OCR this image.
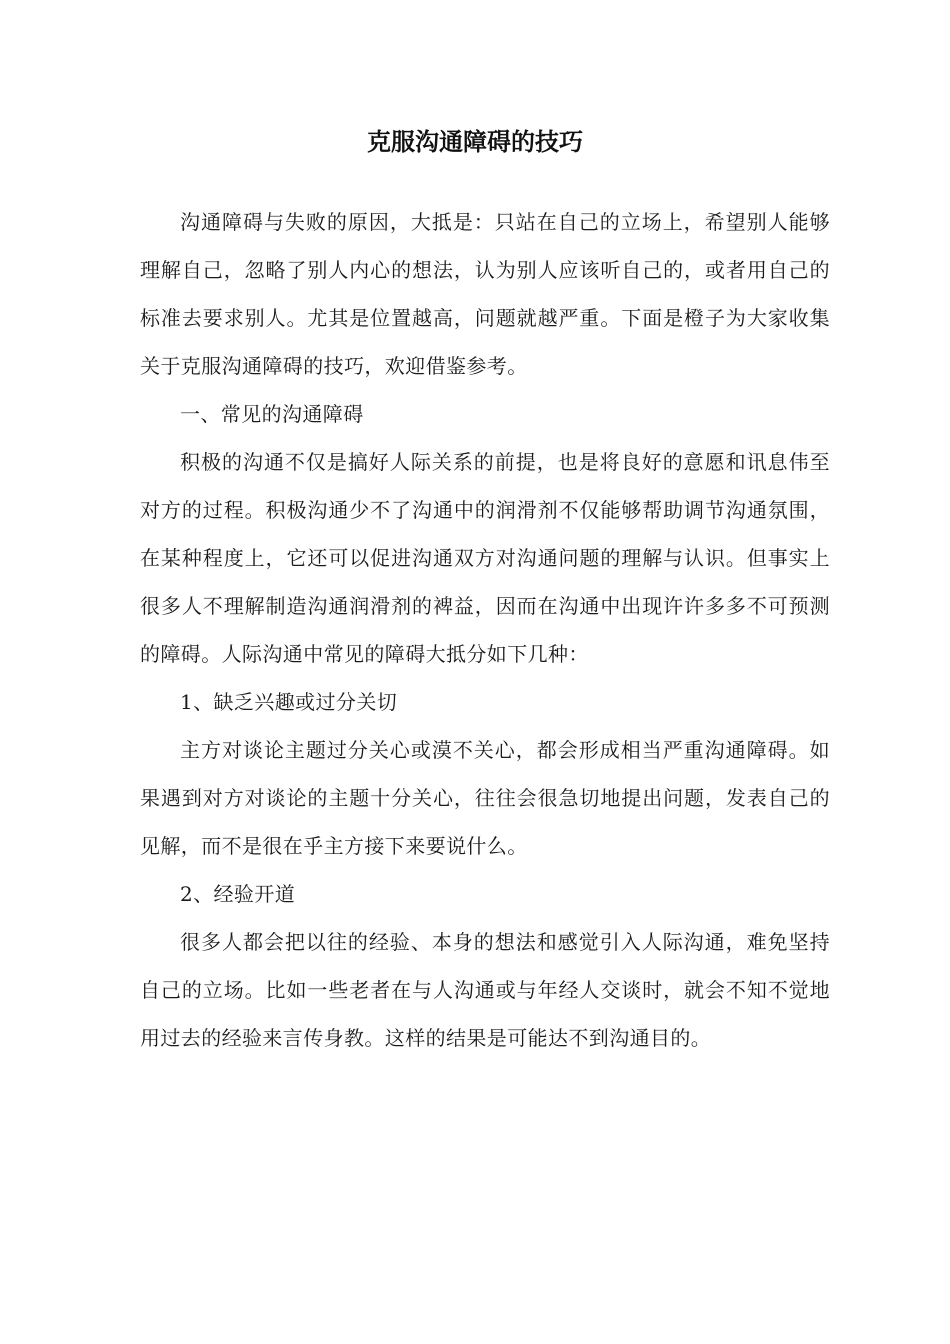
克服沟通障碍的技巧

沟通障碍与失败的原因，大抵是：只站在自己的立场上，希望别人能够理解自己，忽略了别人内心的想法，认为别人应该听自己的，或者用自己的标准去要求别人。尤其是位置越高，问题就越严重。下面是橙子为大家收集关于克服沟通障碍的技巧，欢迎借鉴参考。

一、常见的沟通障碍

积极的沟通不仅是搞好人际关系的前提，也是将良好的意愿和讯息伟至对方的过程。积极沟通少不了沟通中的润滑剂不仅能够帮助调节沟通氛围，在某种程度上，它还可以促进沟通双方对沟通问题的理解与认识。但事实上很多人不理解制造沟通润滑剂的裨益，因而在沟通中出现许许多多不可预测的障碍。人际沟通中常见的障碍大抵分如下几种：

1、缺乏兴趣或过分关切

主方对谈论主题过分关心或漠不关心，都会形成相当严重沟通障碍。如果遇到对方对谈论的主题十分关心，往往会很急切地提出问题，发表自己的见解，而不是很在乎主方接下来要说什么。

2、经验开道

很多人都会把以往的经验、本身的想法和感觉引入人际沟通，难免坚持自己的立场。比如一些老者在与人沟通或与年经人交谈时，就会不知不觉地用过去的经验来言传身教。这样的结果是可能达不到沟通目的。
